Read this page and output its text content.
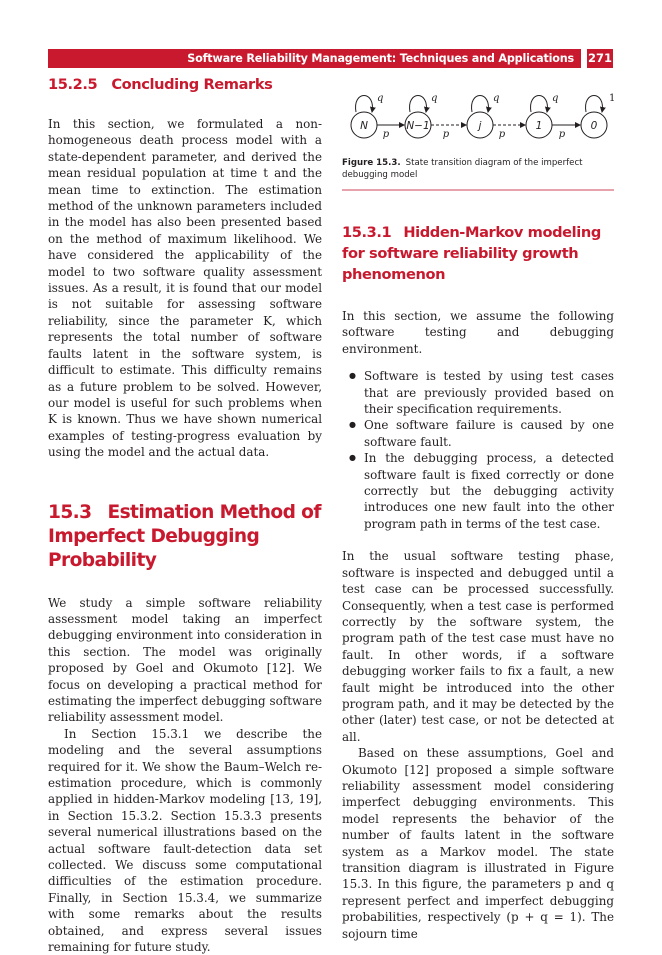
Software Reliability Management: Techniques and Applications	271
15.2.5 Concluding Remarks

In this section, we formulated a non-homogeneous death process model with a state-dependent parameter, and derived the mean residual population at time t and the mean time to extinction. The estimation method of the unknown parameters included in the model has also been presented based on the method of maximum likelihood. We have considered the applicability of the model to two software quality assessment issues. As a result, it is found that our model is not suitable for assessing software reliability, since the parameter K, which represents the total number of software faults latent in the software system, is difficult to estimate. This difficulty remains as a future problem to be solved. However, our model is useful for such problems when K is known. Thus we have shown numerical examples of testing-progress evaluation by using the model and the actual data.

15.3 Estimation Method of Imperfect Debugging Probability

We study a simple software reliability assessment model taking an imperfect debugging environment into consideration in this section. The model was originally proposed by Goel and Okumoto [12]. We focus on developing a practical method for estimating the imperfect debugging software reliability assessment model.

In Section 15.3.1 we describe the modeling and the several assumptions required for it. We show the Baum–Welch re-estimation procedure, which is commonly applied in hidden-Markov modeling [13, 19], in Section 15.3.2. Section 15.3.3 presents several numerical illustrations based on the actual software fault-detection data set collected. We discuss some computational difficulties of the estimation procedure. Finally, in Section 15.3.4, we summarize with some remarks about the results obtained, and express several issues remaining for future study.

N	N−1	j	1	0
q	q	q	q	1
p	p	p	p
Figure 15.3. State transition diagram of the imperfect debugging model
15.3.1 Hidden-Markov modeling for software reliability growth phenomenon

In this section, we assume the following software testing and debugging environment.

● Software is tested by using test cases that are previously provided based on their specification requirements.
● One software failure is caused by one software fault.
● In the debugging process, a detected software fault is fixed correctly or done correctly but the debugging activity introduces one new fault into the other program path in terms of the test case.

In the usual software testing phase, software is inspected and debugged until a test case can be processed successfully. Consequently, when a test case is performed correctly by the software system, the program path of the test case must have no fault. In other words, if a software debugging worker fails to fix a fault, a new fault might be introduced into the other program path, and it may be detected by the other (later) test case, or not be detected at all.

Based on these assumptions, Goel and Okumoto [12] proposed a simple software reliability assessment model considering imperfect debugging environments. This model represents the behavior of the number of faults latent in the software system as a Markov model. The state transition diagram is illustrated in Figure 15.3. In this figure, the parameters p and q represent perfect and imperfect debugging probabilities, respectively (p + q = 1). The sojourn time
